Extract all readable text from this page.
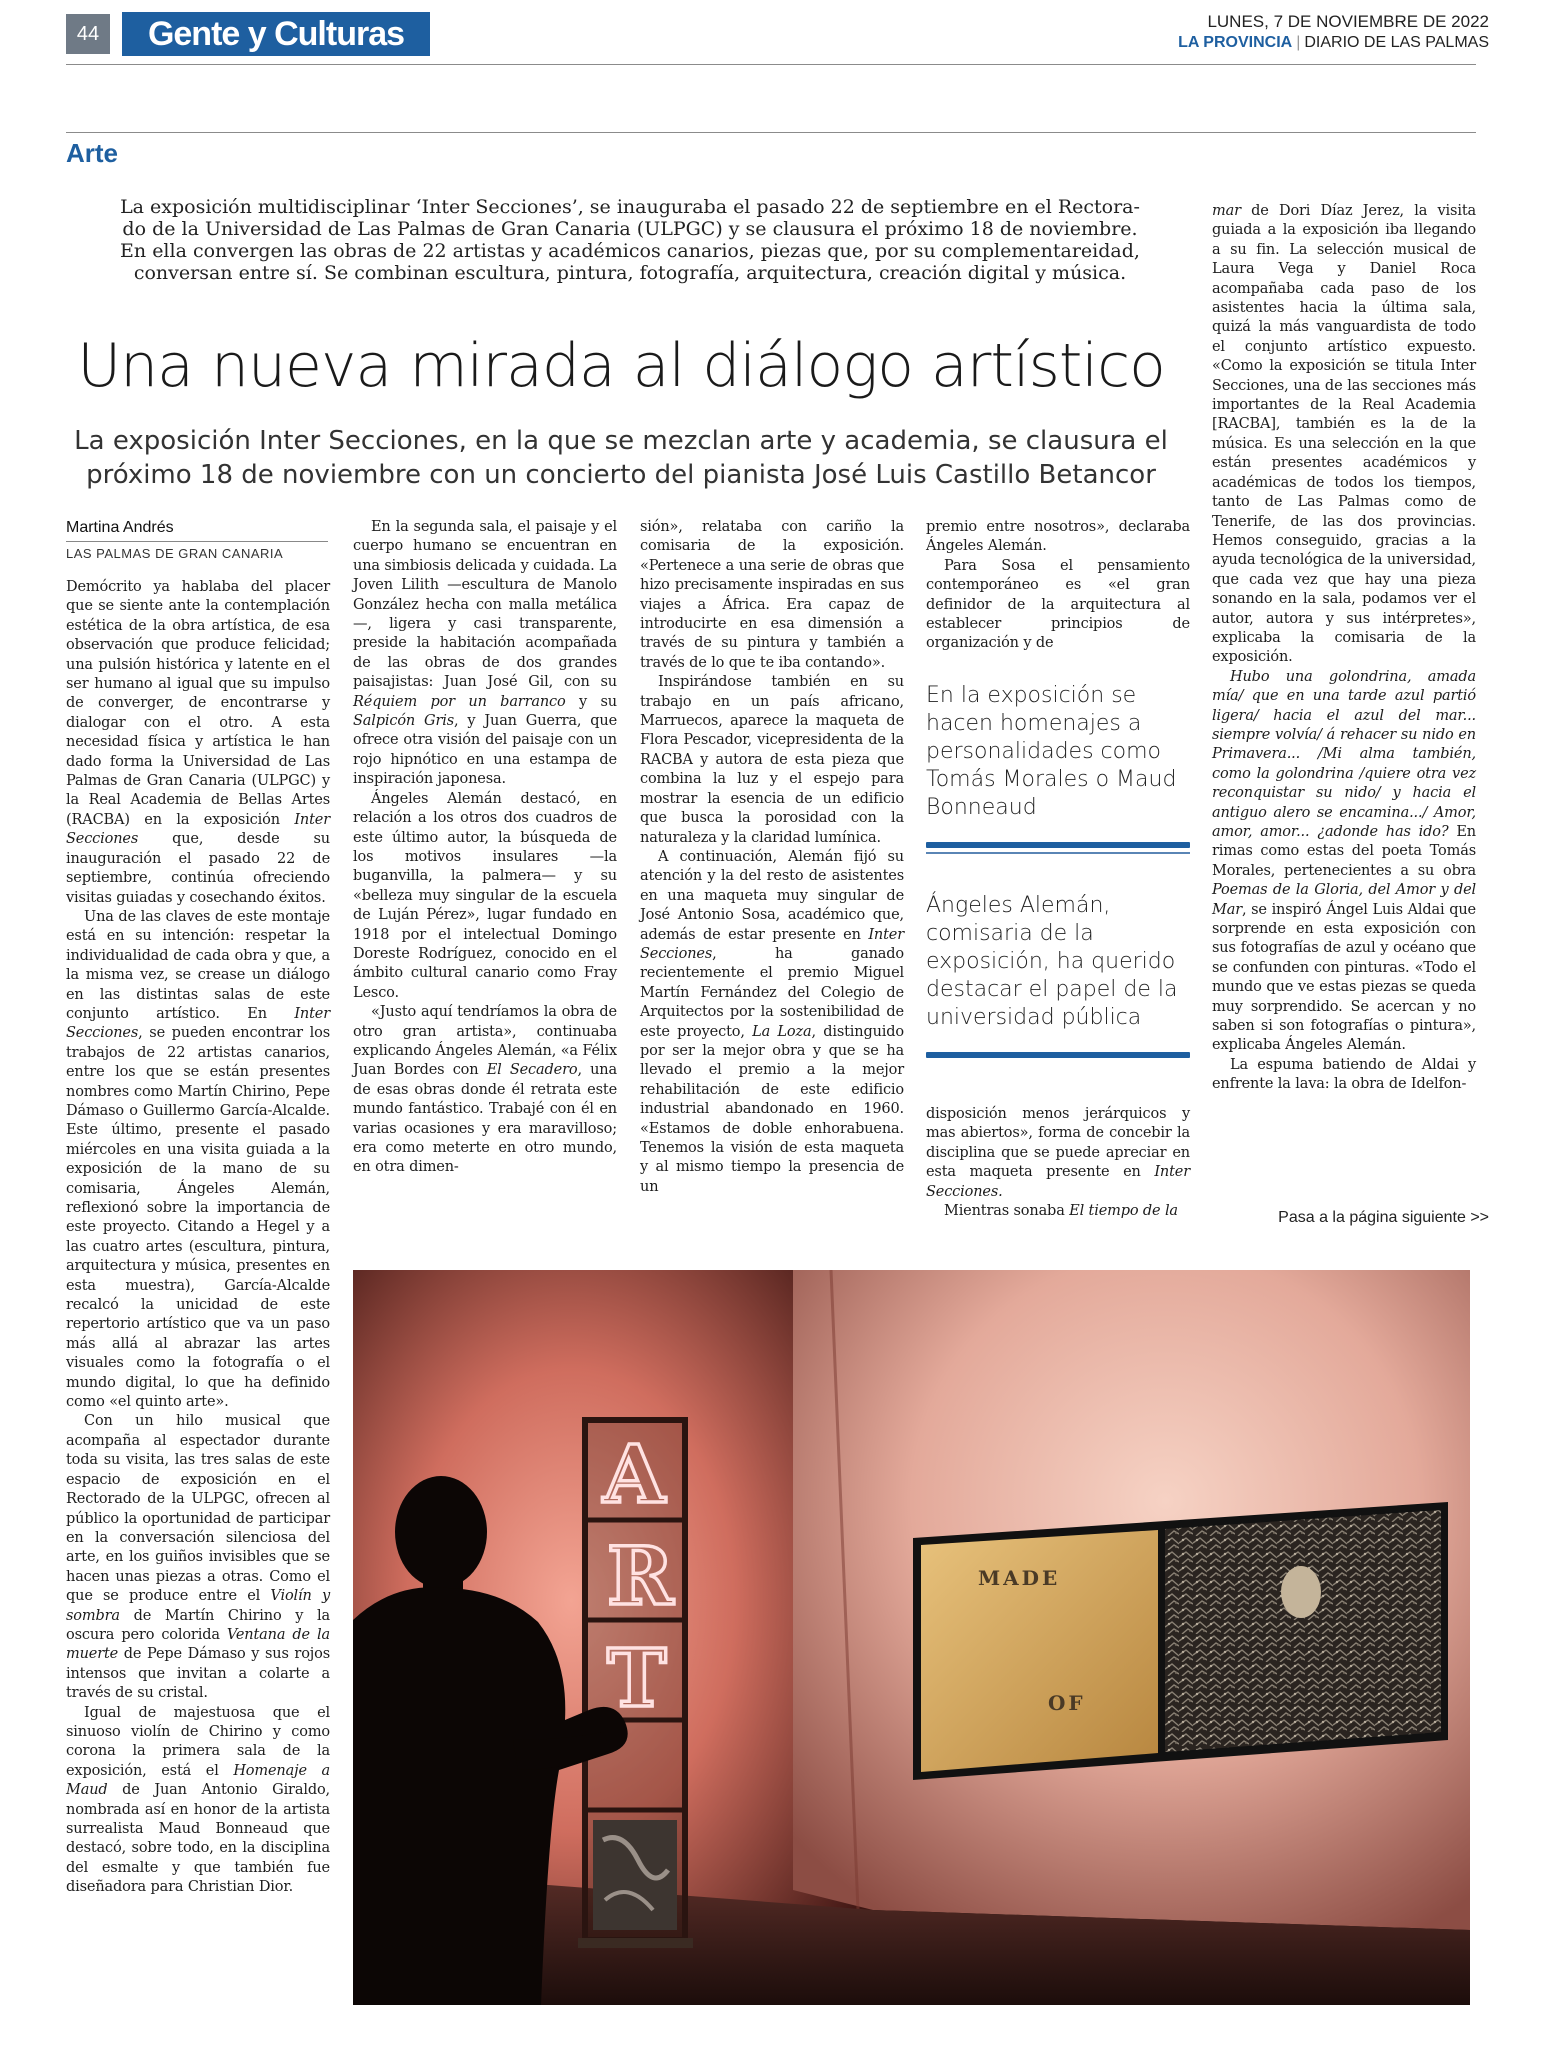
44	Gente y Culturas	LUNES, 7 DE NOVIEMBRE DE 2022
LA PROVINCIA | DIARIO DE LAS PALMAS
Arte
La exposición multidisciplinar ‘Inter Secciones’, se inauguraba el pasado 22 de septiembre en el Rectora-
do de la Universidad de Las Palmas de Gran Canaria (ULPGC) y se clausura el próximo 18 de noviembre.
En ella convergen las obras de 22 artistas y académicos canarios, piezas que, por su complementareidad,
conversan entre sí. Se combinan escultura, pintura, fotografía, arquitectura, creación digital y música.
Una nueva mirada al diálogo artístico
La exposición Inter Secciones, en la que se mezclan arte y academia, se clausura el
próximo 18 de noviembre con un concierto del pianista José Luis Castillo Betancor
Martina Andrés
LAS PALMAS DE GRAN CANARIA

Demócrito ya hablaba del placer que se siente ante la contemplación estética de la obra artística, de esa observación que produce felicidad; una pulsión histórica y latente en el ser humano al igual que su impulso de converger, de encontrarse y dialogar con el otro. A esta necesidad física y artística le han dado forma la Universidad de Las Palmas de Gran Canaria (ULPGC) y la Real Academia de Bellas Artes (RACBA) en la exposición Inter Secciones que, desde su inauguración el pasado 22 de septiembre, continúa ofreciendo visitas guiadas y cosechando éxitos.

Una de las claves de este montaje está en su intención: respetar la individualidad de cada obra y que, a la misma vez, se crease un diálogo en las distintas salas de este conjunto artístico. En Inter Secciones, se pueden encontrar los trabajos de 22 artistas canarios, entre los que se están presentes nombres como Martín Chirino, Pepe Dámaso o Guillermo García-Alcalde. Este último, presente el pasado miércoles en una visita guiada a la exposición de la mano de su comisaria, Ángeles Alemán, reflexionó sobre la importancia de este proyecto. Citando a Hegel y a las cuatro artes (escultura, pintura, arquitectura y música, presentes en esta muestra), García-Alcalde recalcó la unicidad de este repertorio artístico que va un paso más allá al abrazar las artes visuales como la fotografía o el mundo digital, lo que ha definido como «el quinto arte».

Con un hilo musical que acompaña al espectador durante toda su visita, las tres salas de este espacio de exposición en el Rectorado de la ULPGC, ofrecen al público la oportunidad de participar en la conversación silenciosa del arte, en los guiños invisibles que se hacen unas piezas a otras. Como el que se produce entre el Violín y sombra de Martín Chirino y la oscura pero colorida Ventana de la muerte de Pepe Dámaso y sus rojos intensos que invitan a colarte a través de su cristal.

Igual de majestuosa que el sinuoso violín de Chirino y como corona la primera sala de la exposición, está el Homenaje a Maud de Juan Antonio Giraldo, nombrada así en honor de la artista surrealista Maud Bonneaud que destacó, sobre todo, en la disciplina del esmalte y que también fue diseñadora para Christian Dior.

En la segunda sala, el paisaje y el cuerpo humano se encuentran en una simbiosis delicada y cuidada. La Joven Lilith —escultura de Manolo González hecha con malla metálica—, ligera y casi transparente, preside la habitación acompañada de las obras de dos grandes paisajistas: Juan José Gil, con su Réquiem por un barranco y su Salpicón Gris, y Juan Guerra, que ofrece otra visión del paisaje con un rojo hipnótico en una estampa de inspiración japonesa.

Ángeles Alemán destacó, en relación a los otros dos cuadros de este último autor, la búsqueda de los motivos insulares —la buganvilla, la palmera— y su «belleza muy singular de la escuela de Luján Pérez», lugar fundado en 1918 por el intelectual Domingo Doreste Rodríguez, conocido en el ámbito cultural canario como Fray Lesco.

«Justo aquí tendríamos la obra de otro gran artista», continuaba explicando Ángeles Alemán, «a Félix Juan Bordes con El Secadero, una de esas obras donde él retrata este mundo fantástico. Trabajé con él en varias ocasiones y era maravilloso; era como meterte en otro mundo, en otra dimen-

sión», relataba con cariño la comisaria de la exposición. «Pertenece a una serie de obras que hizo precisamente inspiradas en sus viajes a África. Era capaz de introducirte en esa dimensión a través de su pintura y también a través de lo que te iba contando».

Inspirándose también en su trabajo en un país africano, Marruecos, aparece la maqueta de Flora Pescador, vicepresidenta de la RACBA y autora de esta pieza que combina la luz y el espejo para mostrar la esencia de un edificio que busca la porosidad con la naturaleza y la claridad lumínica.

A continuación, Alemán fijó su atención y la del resto de asistentes en una maqueta muy singular de José Antonio Sosa, académico que, además de estar presente en Inter Secciones, ha ganado recientemente el premio Miguel Martín Fernández del Colegio de Arquitectos por la sostenibilidad de este proyecto, La Loza, distinguido por ser la mejor obra y que se ha llevado el premio a la mejor rehabilitación de este edificio industrial abandonado en 1960. «Estamos de doble enhorabuena. Tenemos la visión de esta maqueta y al mismo tiempo la presencia de un

premio entre nosotros», declaraba Ángeles Alemán.

Para Sosa el pensamiento contemporáneo es «el gran definidor de la arquitectura al establecer principios de organización y de

En la exposición se hacen homenajes a personalidades como Tomás Morales o Maud Bonneaud
Ángeles Alemán, comisaria de la exposición, ha querido destacar el papel de la universidad pública

disposición menos jerárquicos y mas abiertos», forma de concebir la disciplina que se puede apreciar en esta maqueta presente en Inter Secciones.

Mientras sonaba El tiempo de la

mar de Dori Díaz Jerez, la visita guiada a la exposición iba llegando a su fin. La selección musical de Laura Vega y Daniel Roca acompañaba cada paso de los asistentes hacia la última sala, quizá la más vanguardista de todo el conjunto artístico expuesto. «Como la exposición se titula Inter Secciones, una de las secciones más importantes de la Real Academia [RACBA], también es la de la música. Es una selección en la que están presentes académicos y académicas de todos los tiempos, tanto de Las Palmas como de Tenerife, de las dos provincias. Hemos conseguido, gracias a la ayuda tecnológica de la universidad, que cada vez que hay una pieza sonando en la sala, podamos ver el autor, autora y sus intérpretes», explicaba la comisaria de la exposición.

Hubo una golondrina, amada mía/ que en una tarde azul partió ligera/ hacia el azul del mar... siempre volvía/ á rehacer su nido en Primavera... /Mi alma también, como la golondrina /quiere otra vez reconquistar su nido/ y hacia el antiguo alero se encamina.../ Amor, amor, amor... ¿adonde has ido? En rimas como estas del poeta Tomás Morales, pertenecientes a su obra Poemas de la Gloria, del Amor y del Mar, se inspiró Ángel Luis Aldai que sorprende en esta exposición con sus fotografías de azul y océano que se confunden con pinturas. «Todo el mundo que ve estas piezas se queda muy sorprendido. Se acercan y no saben si son fotografías o pintura», explicaba Ángeles Alemán.

La espuma batiendo de Aldai y enfrente la lava: la obra de Idelfon-

Pasa a la página siguiente >>
A
R
T
MADE
OF
